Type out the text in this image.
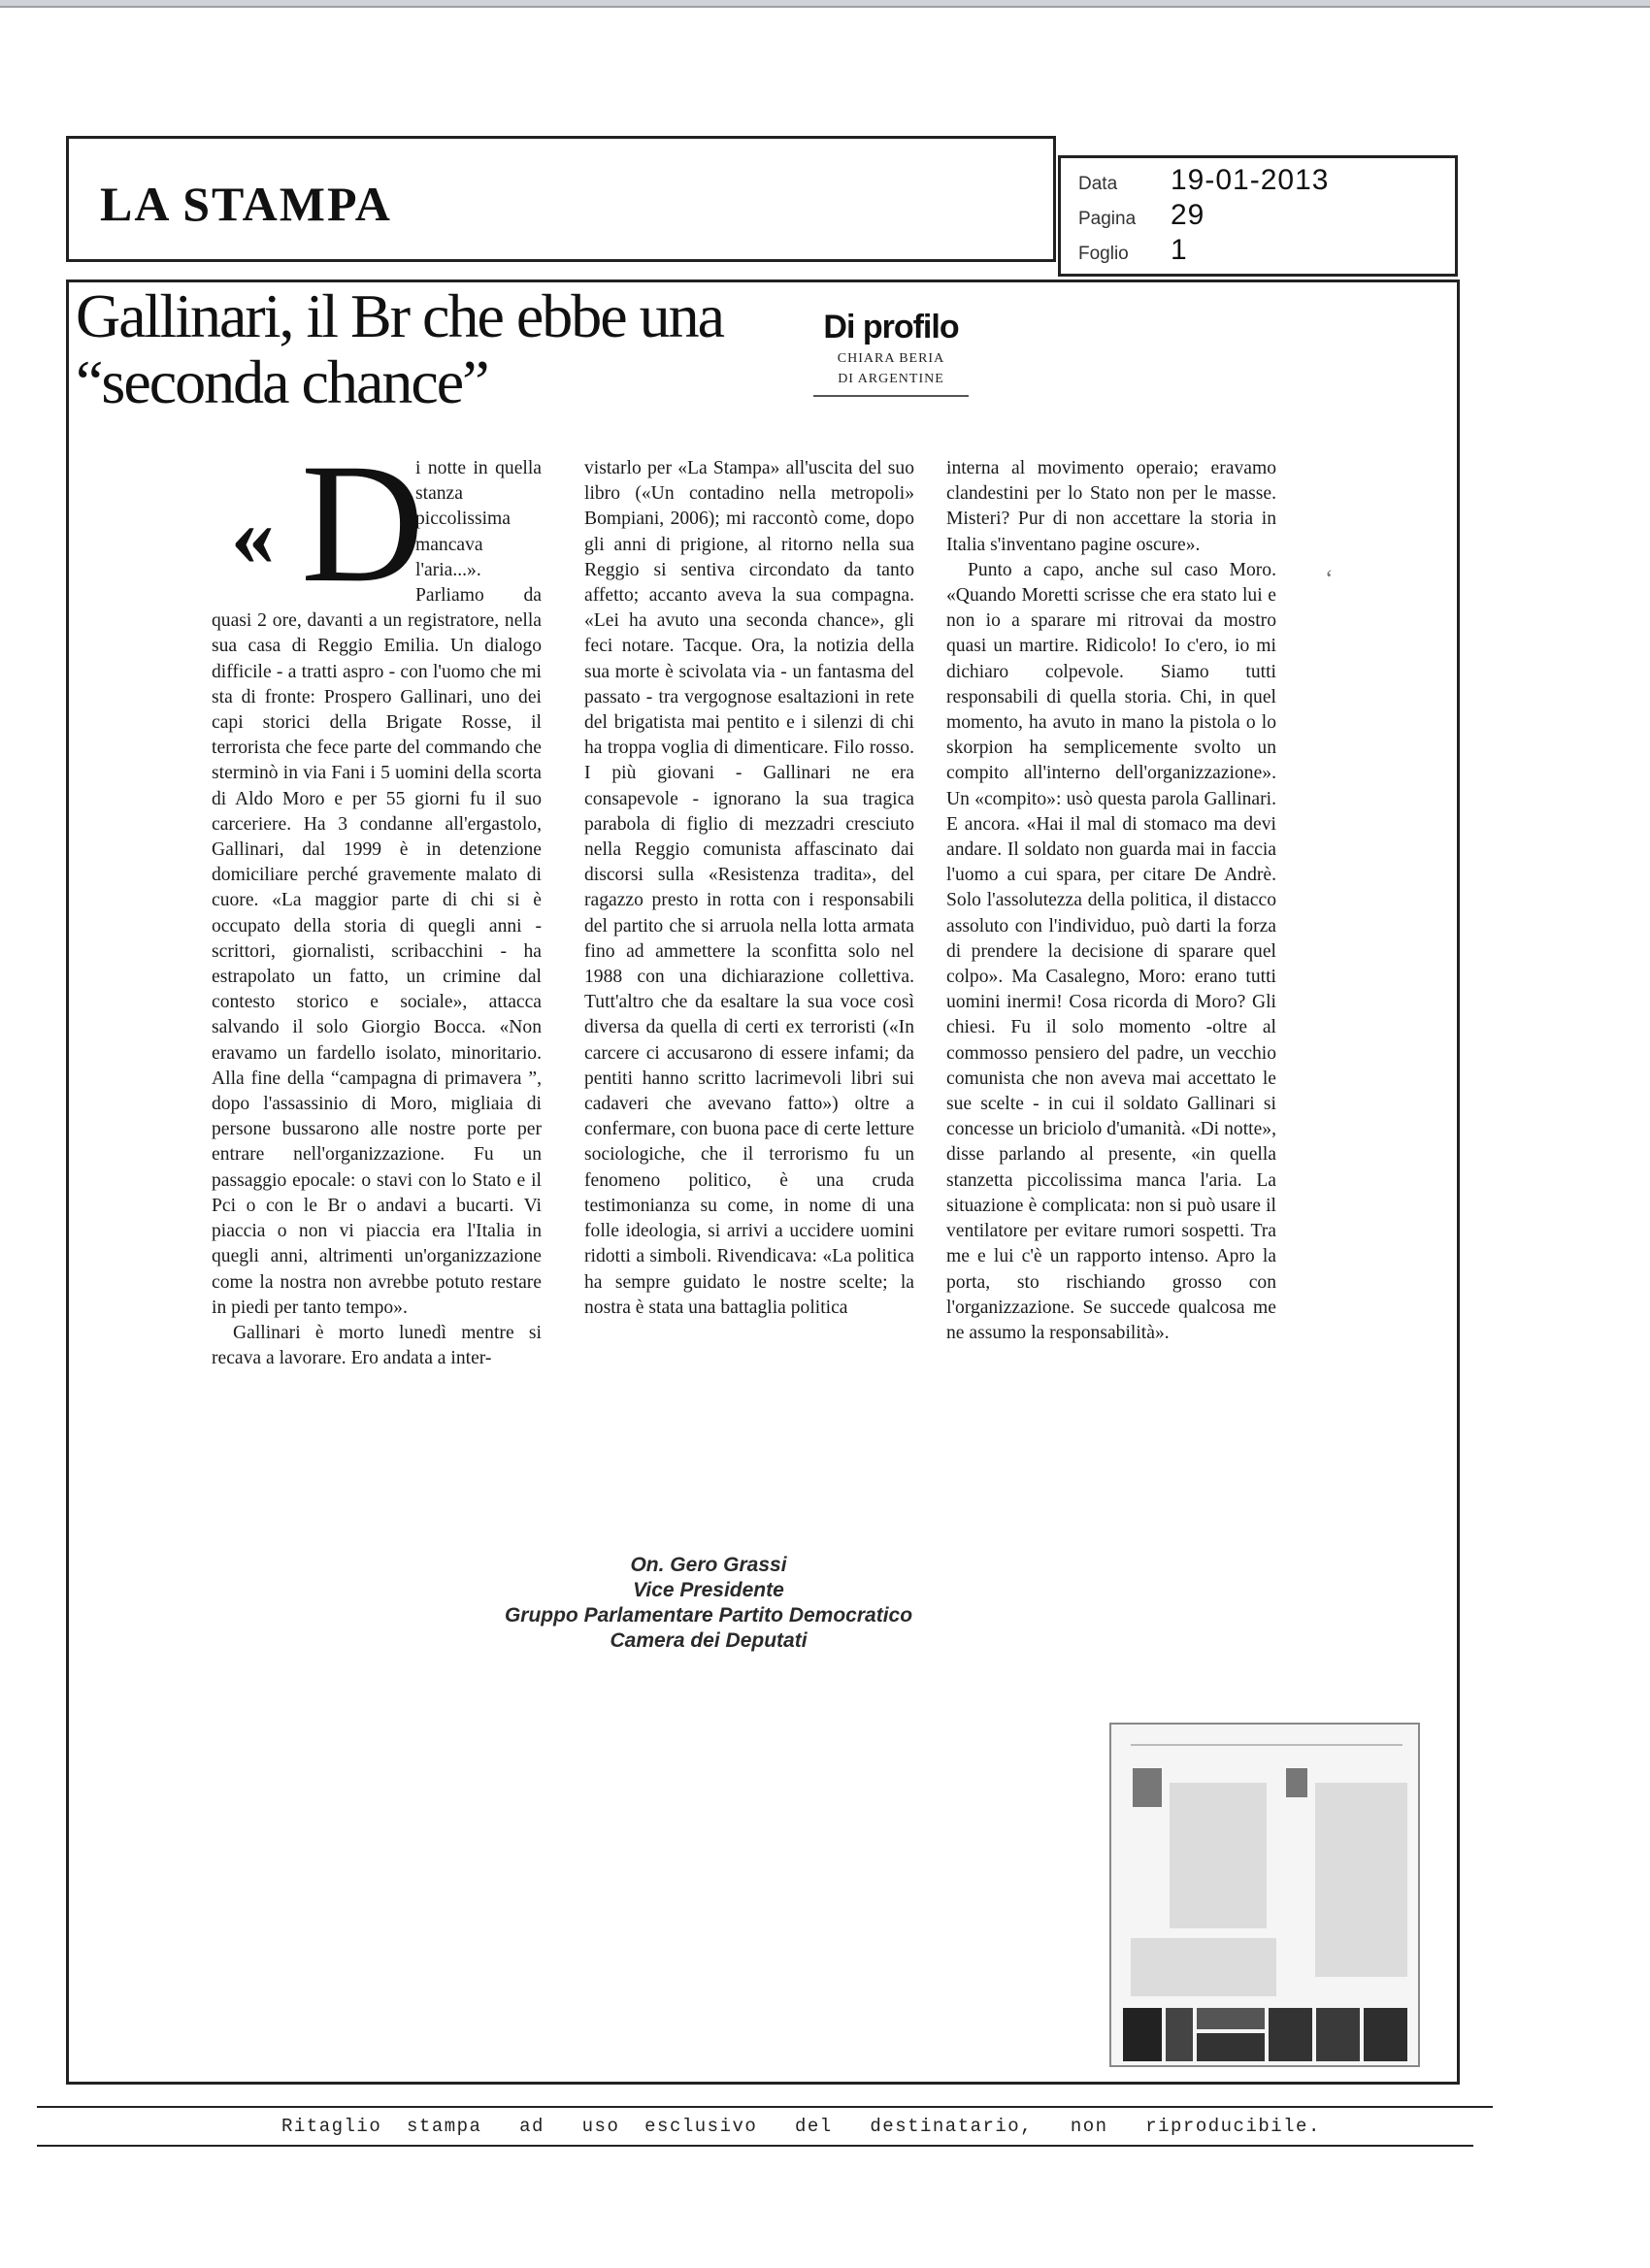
LA STAMPA	Data	19-01-2013
Pagina	29
Foglio	1
Gallinari, il Br che ebbe una “seconda chance”
Di profilo
CHIARA BERIA
DI ARGENTINE
« D

i notte in quella stanza piccolissima mancava l'aria...». Parliamo da quasi 2 ore, davanti a un registratore, nella sua casa di Reggio Emilia. Un dialogo difficile - a tratti aspro - con l'uomo che mi sta di fronte: Prospero Gallinari, uno dei capi storici della Brigate Rosse, il terrorista che fece parte del commando che sterminò in via Fani i 5 uomini della scorta di Aldo Moro e per 55 giorni fu il suo carceriere. Ha 3 condanne all'ergastolo, Gallinari, dal 1999 è in detenzione domiciliare perché gravemente malato di cuore. «La maggior parte di chi si è occupato della storia di quegli anni - scrittori, giornalisti, scribacchini - ha estrapolato un fatto, un crimine dal contesto storico e sociale», attacca salvando il solo Giorgio Bocca. «Non eravamo un fardello isolato, minoritario. Alla fine della “campagna di primavera ”, dopo l'assassinio di Moro, migliaia di persone bussarono alle nostre porte per entrare nell'organizzazione. Fu un passaggio epocale: o stavi con lo Stato e il Pci o con le Br o andavi a bucarti. Vi piaccia o non vi piaccia era l'Italia in quegli anni, altrimenti un'organizzazione come la nostra non avrebbe potuto restare in piedi per tanto tempo».

Gallinari è morto lunedì mentre si recava a lavorare. Ero andata a inter-

vistarlo per «La Stampa» all'uscita del suo libro («Un contadino nella metropoli» Bompiani, 2006); mi raccontò come, dopo gli anni di prigione, al ritorno nella sua Reggio si sentiva circondato da tanto affetto; accanto aveva la sua compagna. «Lei ha avuto una seconda chance», gli feci notare. Tacque. Ora, la notizia della sua morte è scivolata via - un fantasma del passato - tra vergognose esaltazioni in rete del brigatista mai pentito e i silenzi di chi ha troppa voglia di dimenticare. Filo rosso. I più giovani - Gallinari ne era consapevole - ignorano la sua tragica parabola di figlio di mezzadri cresciuto nella Reggio comunista affascinato dai discorsi sulla «Resistenza tradita», del ragazzo presto in rotta con i responsabili del partito che si arruola nella lotta armata fino ad ammettere la sconfitta solo nel 1988 con una dichiarazione collettiva. Tutt'altro che da esaltare la sua voce così diversa da quella di certi ex terroristi («In carcere ci accusarono di essere infami; da pentiti hanno scritto lacrimevoli libri sui cadaveri che avevano fatto») oltre a confermare, con buona pace di certe letture sociologiche, che il terrorismo fu un fenomeno politico, è una cruda testimonianza su come, in nome di una folle ideologia, si arrivi a uccidere uomini ridotti a simboli. Rivendicava: «La politica ha sempre guidato le nostre scelte; la nostra è stata una battaglia politica

interna al movimento operaio; eravamo clandestini per lo Stato non per le masse. Misteri? Pur di non accettare la storia in Italia s'inventano pagine oscure».

Punto a capo, anche sul caso Moro. «Quando Moretti scrisse che era stato lui e non io a sparare mi ritrovai da mostro quasi un martire. Ridicolo! Io c'ero, io mi dichiaro colpevole. Siamo tutti responsabili di quella storia. Chi, in quel momento, ha avuto in mano la pistola o lo skorpion ha semplicemente svolto un compito all'interno dell'organizzazione». Un «compito»: usò questa parola Gallinari. E ancora. «Hai il mal di stomaco ma devi andare. Il soldato non guarda mai in faccia l'uomo a cui spara, per citare De Andrè. Solo l'assolutezza della politica, il distacco assoluto con l'individuo, può darti la forza di prendere la decisione di sparare quel colpo». Ma Casalegno, Moro: erano tutti uomini inermi! Cosa ricorda di Moro? Gli chiesi. Fu il solo momento -oltre al commosso pensiero del padre, un vecchio comunista che non aveva mai accettato le sue scelte - in cui il soldato Gallinari si concesse un briciolo d'umanità. «Di notte», disse parlando al presente, «in quella stanzetta piccolissima manca l'aria. La situazione è complicata: non si può usare il ventilatore per evitare rumori sospetti. Tra me e lui c'è un rapporto intenso. Apro la porta, sto rischiando grosso con l'organizzazione. Se succede qualcosa me ne assumo la responsabilità».

ʻ
On. Gero Grassi
Vice Presidente
Gruppo Parlamentare Partito Democratico
Camera dei Deputati
Ritaglio  stampa   ad   uso  esclusivo   del   destinatario,   non   riproducibile.
